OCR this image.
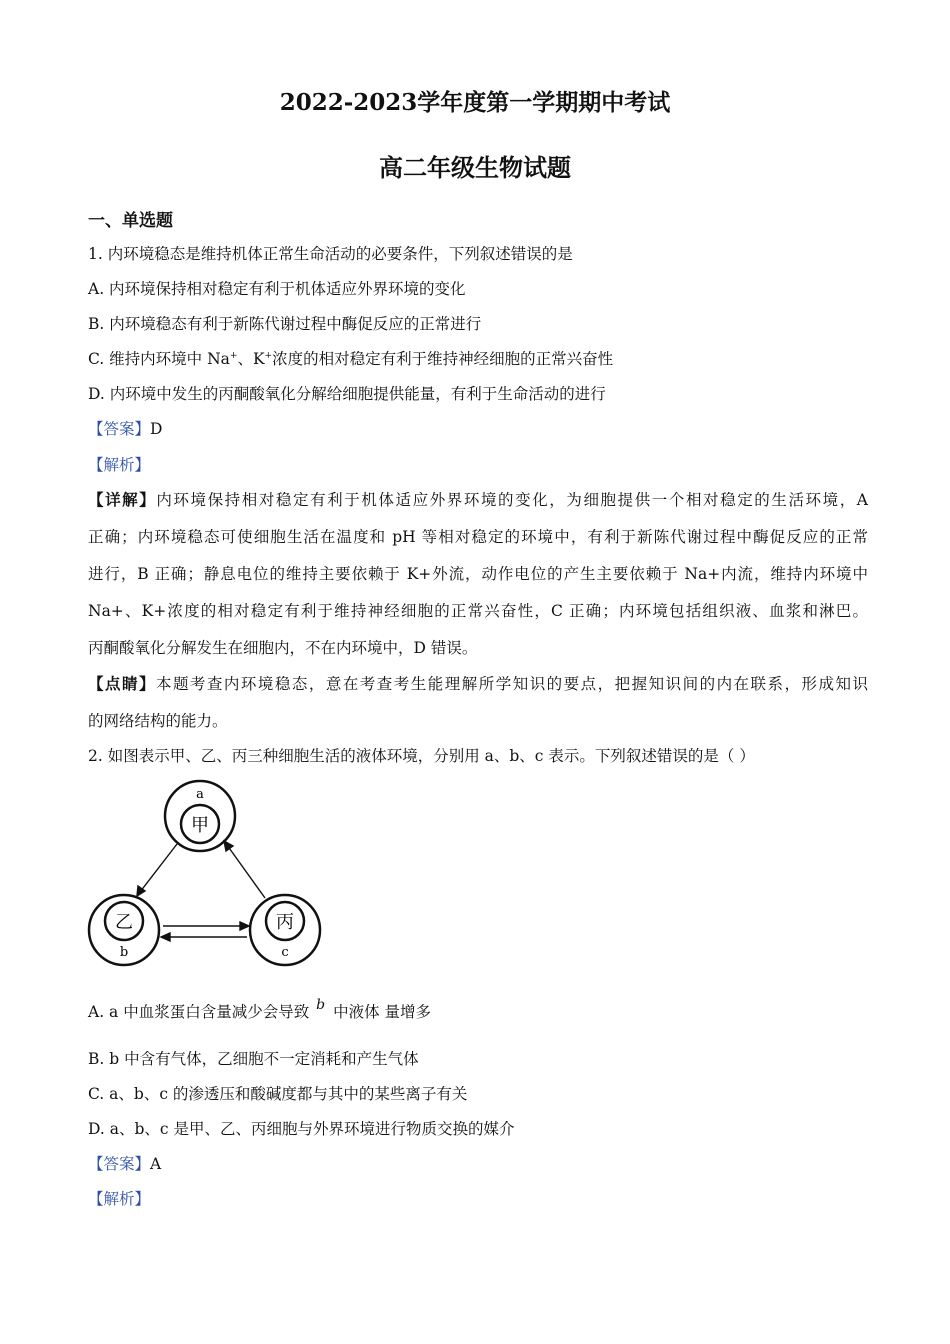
2022-2023学年度第一学期期中考试
高二年级生物试题
一、单选题
1. 内环境稳态是维持机体正常生命活动的必要条件，下列叙述错误的是
A. 内环境保持相对稳定有利于机体适应外界环境的变化
B. 内环境稳态有利于新陈代谢过程中酶促反应的正常进行
C. 维持内环境中 Na+、K+浓度的相对稳定有利于维持神经细胞的正常兴奋性
D. 内环境中发生的丙酮酸氧化分解给细胞提供能量，有利于生命活动的进行
【答案】D
【解析】
【详解】内环境保持相对稳定有利于机体适应外界环境的变化，为细胞提供一个相对稳定的生活环境，A
正确；内环境稳态可使细胞生活在温度和 pH 等相对稳定的环境中，有利于新陈代谢过程中酶促反应的正常
进行，B 正确；静息电位的维持主要依赖于 K+外流，动作电位的产生主要依赖于 Na+内流，维持内环境中
Na+、K+浓度的相对稳定有利于维持神经细胞的正常兴奋性，C 正确；内环境包括组织液、血浆和淋巴。
丙酮酸氧化分解发生在细胞内，不在内环境中，D 错误。
【点睛】本题考查内环境稳态，意在考查考生能理解所学知识的要点，把握知识间的内在联系，形成知识
的网络结构的能力。
2. 如图表示甲、乙、丙三种细胞生活的液体环境，分别用 a、b、c 表示。下列叙述错误的是（ ）
a
甲
乙
b
丙
c
A. a 中血浆蛋白含量减少会导致 b 中液体 量增多
B. b 中含有气体，乙细胞不一定消耗和产生气体
C. a、b、c 的渗透压和酸碱度都与其中的某些离子有关
D. a、b、c 是甲、乙、丙细胞与外界环境进行物质交换的媒介
【答案】A
【解析】
